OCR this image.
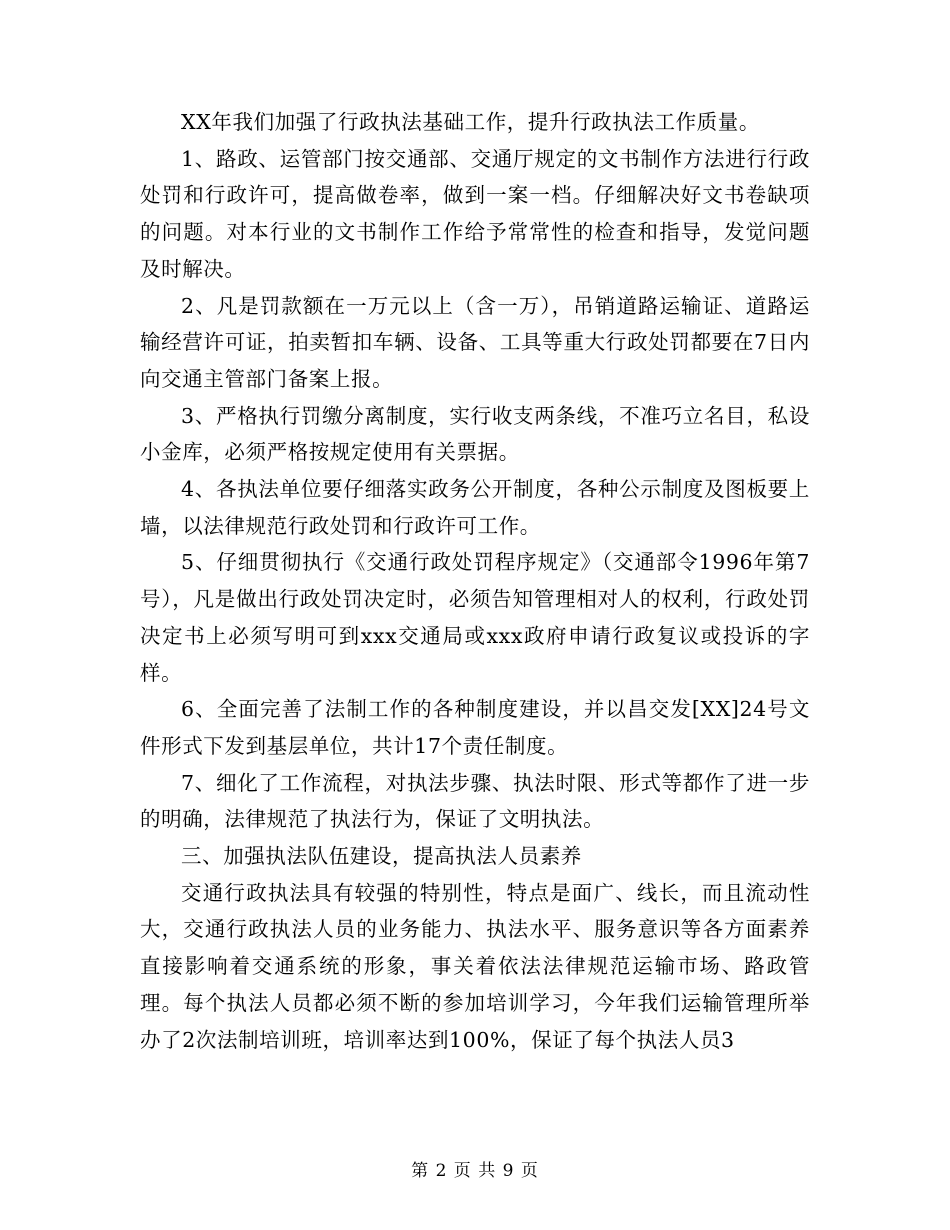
XX年我们加强了行政执法基础工作，提升行政执法工作质量。

1、路政、运管部门按交通部、交通厅规定的文书制作方法进行行政处罚和行政许可，提高做卷率，做到一案一档。仔细解决好文书卷缺项的问题。对本行业的文书制作工作给予常常性的检查和指导，发觉问题及时解决。

2、凡是罚款额在一万元以上（含一万），吊销道路运输证、道路运输经营许可证，拍卖暂扣车辆、设备、工具等重大行政处罚都要在7日内向交通主管部门备案上报。

3、严格执行罚缴分离制度，实行收支两条线，不准巧立名目，私设小金库，必须严格按规定使用有关票据。

4、各执法单位要仔细落实政务公开制度，各种公示制度及图板要上墙，以法律规范行政处罚和行政许可工作。

5、仔细贯彻执行《交通行政处罚程序规定》（交通部令1996年第7号），凡是做出行政处罚决定时，必须告知管理相对人的权利，行政处罚决定书上必须写明可到xxx交通局或xxx政府申请行政复议或投诉的字样。

6、全面完善了法制工作的各种制度建设，并以昌交发[XX]24号文件形式下发到基层单位，共计17个责任制度。

7、细化了工作流程，对执法步骤、执法时限、形式等都作了进一步的明确，法律规范了执法行为，保证了文明执法。

三、加强执法队伍建设，提高执法人员素养

交通行政执法具有较强的特别性，特点是面广、线长，而且流动性大，交通行政执法人员的业务能力、执法水平、服务意识等各方面素养直接影响着交通系统的形象，事关着依法法律规范运输市场、路政管理。每个执法人员都必须不断的参加培训学习，今年我们运输管理所举办了2次法制培训班，培训率达到100%，保证了每个执法人员3

第 2 页 共 9 页
